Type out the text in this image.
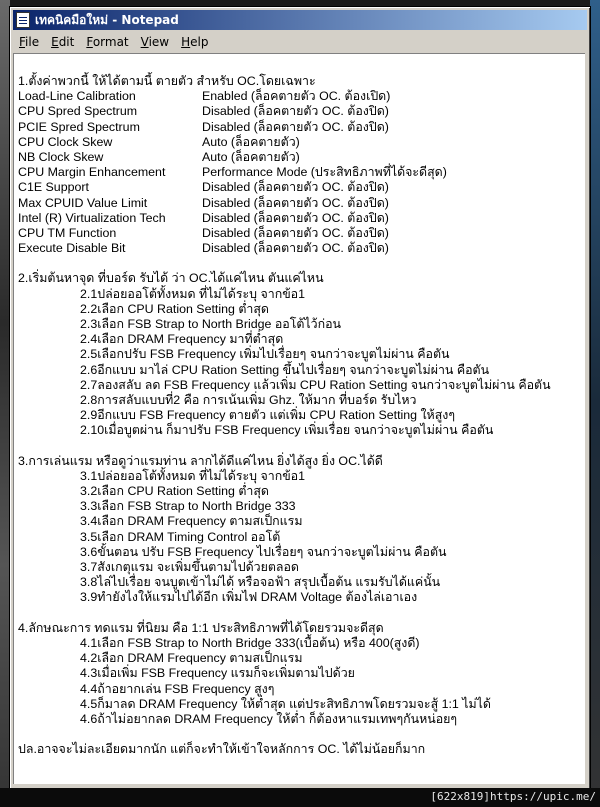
เทคนิคมือใหม่ - Notepad
File	Edit	Format	View	Help
1.ตั้งค่าพวกนี้ ให้ได้ตามนี้ ตายตัว สำหรับ OC.โดยเฉพาะ
Load-Line Calibration	Enabled (ล็อคตายตัว OC. ต้องเปิด)
CPU Spred Spectrum	Disabled (ล็อคตายตัว OC. ต้องปิด)
PCIE Spred Spectrum	Disabled (ล็อคตายตัว OC. ต้องปิด)
CPU Clock Skew	Auto (ล็อคตายตัว)
NB Clock Skew	Auto (ล็อคตายตัว)
CPU Margin Enhancement	Performance Mode (ประสิทธิภาพที่ได้จะดีสุด)
C1E Support	Disabled (ล็อคตายตัว OC. ต้องปิด)
Max CPUID Value Limit	Disabled (ล็อคตายตัว OC. ต้องปิด)
Intel (R) Virtualization Tech	Disabled (ล็อคตายตัว OC. ต้องปิด)
CPU TM Function	Disabled (ล็อคตายตัว OC. ต้องปิด)
Execute Disable Bit	Disabled (ล็อคตายตัว OC. ต้องปิด)
2.เริ่มต้นหาจุด ที่บอร์ด รับได้ ว่า OC.ได้แค่ไหน ตันแค่ไหน
2.1ปล่อยออโต้ทั้งหมด ที่ไม่ได้ระบุ จากข้อ1
2.2เลือก CPU Ration Setting ต่ำสุด
2.3เลือก FSB Strap to North Bridge ออโต้ไว้ก่อน
2.4เลือก DRAM Frequency มาที่ต่ำสุด
2.5เลือกปรับ FSB Frequency เพิ่มไปเรื่อยๆ จนกว่าจะบูตไม่ผ่าน คือตัน
2.6อีกแบบ มาไล่ CPU Ration Setting ขึ้นไปเรื่อยๆ จนกว่าจะบูตไม่ผ่าน คือตัน
2.7ลองสลับ ลด FSB Frequency แล้วเพิ่ม CPU Ration Setting จนกว่าจะบูตไม่ผ่าน คือตัน
2.8การสลับแบบที่2 คือ การเน้นเพิ่ม Ghz. ให้มาก ที่บอร์ด รับไหว
2.9อีกแบบ FSB Frequency ตายตัว แต่เพิ่ม CPU Ration Setting ให้สูงๆ
2.10เมื่อบูตผ่าน ก็มาปรับ FSB Frequency เพิ่มเรื่อย จนกว่าจะบูตไม่ผ่าน คือตัน
3.การเล่นแรม หรือดูว่าแรมท่าน ลากได้ดีแค่ไหน ยิ่งได้สูง ยิ่ง OC.ได้ดี
3.1ปล่อยออโต้ทั้งหมด ที่ไม่ได้ระบุ จากข้อ1
3.2เลือก CPU Ration Setting ต่ำสุด
3.3เลือก FSB Strap to North Bridge 333
3.4เลือก DRAM Frequency ตามสเป็กแรม
3.5เลือก DRAM Timing Control ออโต้
3.6ขั้นตอน ปรับ FSB Frequency ไปเรื่อยๆ จนกว่าจะบูตไม่ผ่าน คือตัน
3.7สังเกตุแรม จะเพิ่มขึ้นตามไปด้วยตลอด
3.8ไล่ไปเรื่อย จนบูตเข้าไม่ได้ หรือจอฟ้า สรุปเบื้อต้น แรมรับได้แค่นั้น
3.9ทำยังไงให้แรมไปได้อีก เพิ่มไฟ DRAM Voltage ต้องไล่เอาเอง
4.ลักษณะการ ทดแรม ที่นิยม คือ 1:1 ประสิทธิภาพที่ได้โดยรวมจะดีสุด
4.1เลือก FSB Strap to North Bridge 333(เบื้อต้น) หรือ 400(สูงดี)
4.2เลือก DRAM Frequency ตามสเป็กแรม
4.3เมื่อเพิ่ม FSB Frequency แรมก็จะเพิ่มตามไปด้วย
4.4ถ้าอยากเล่น FSB Frequency สูงๆ
4.5ก็มาลด DRAM Frequency ให้ต่ำสุด แต่ประสิทธิภาพโดยรวมจะสู้ 1:1 ไม่ได้
4.6ถ้าไม่อยากลด DRAM Frequency ให้ต่ำ ก็ต้องหาแรมเทพๆกันหน่อยๆ
ปล.อาจจะไม่ละเอียดมากนัก แต่ก็จะทำให้เข้าใจหลักการ OC. ได้ไม่น้อยก็มาก
[622x819]https://upic.me/
